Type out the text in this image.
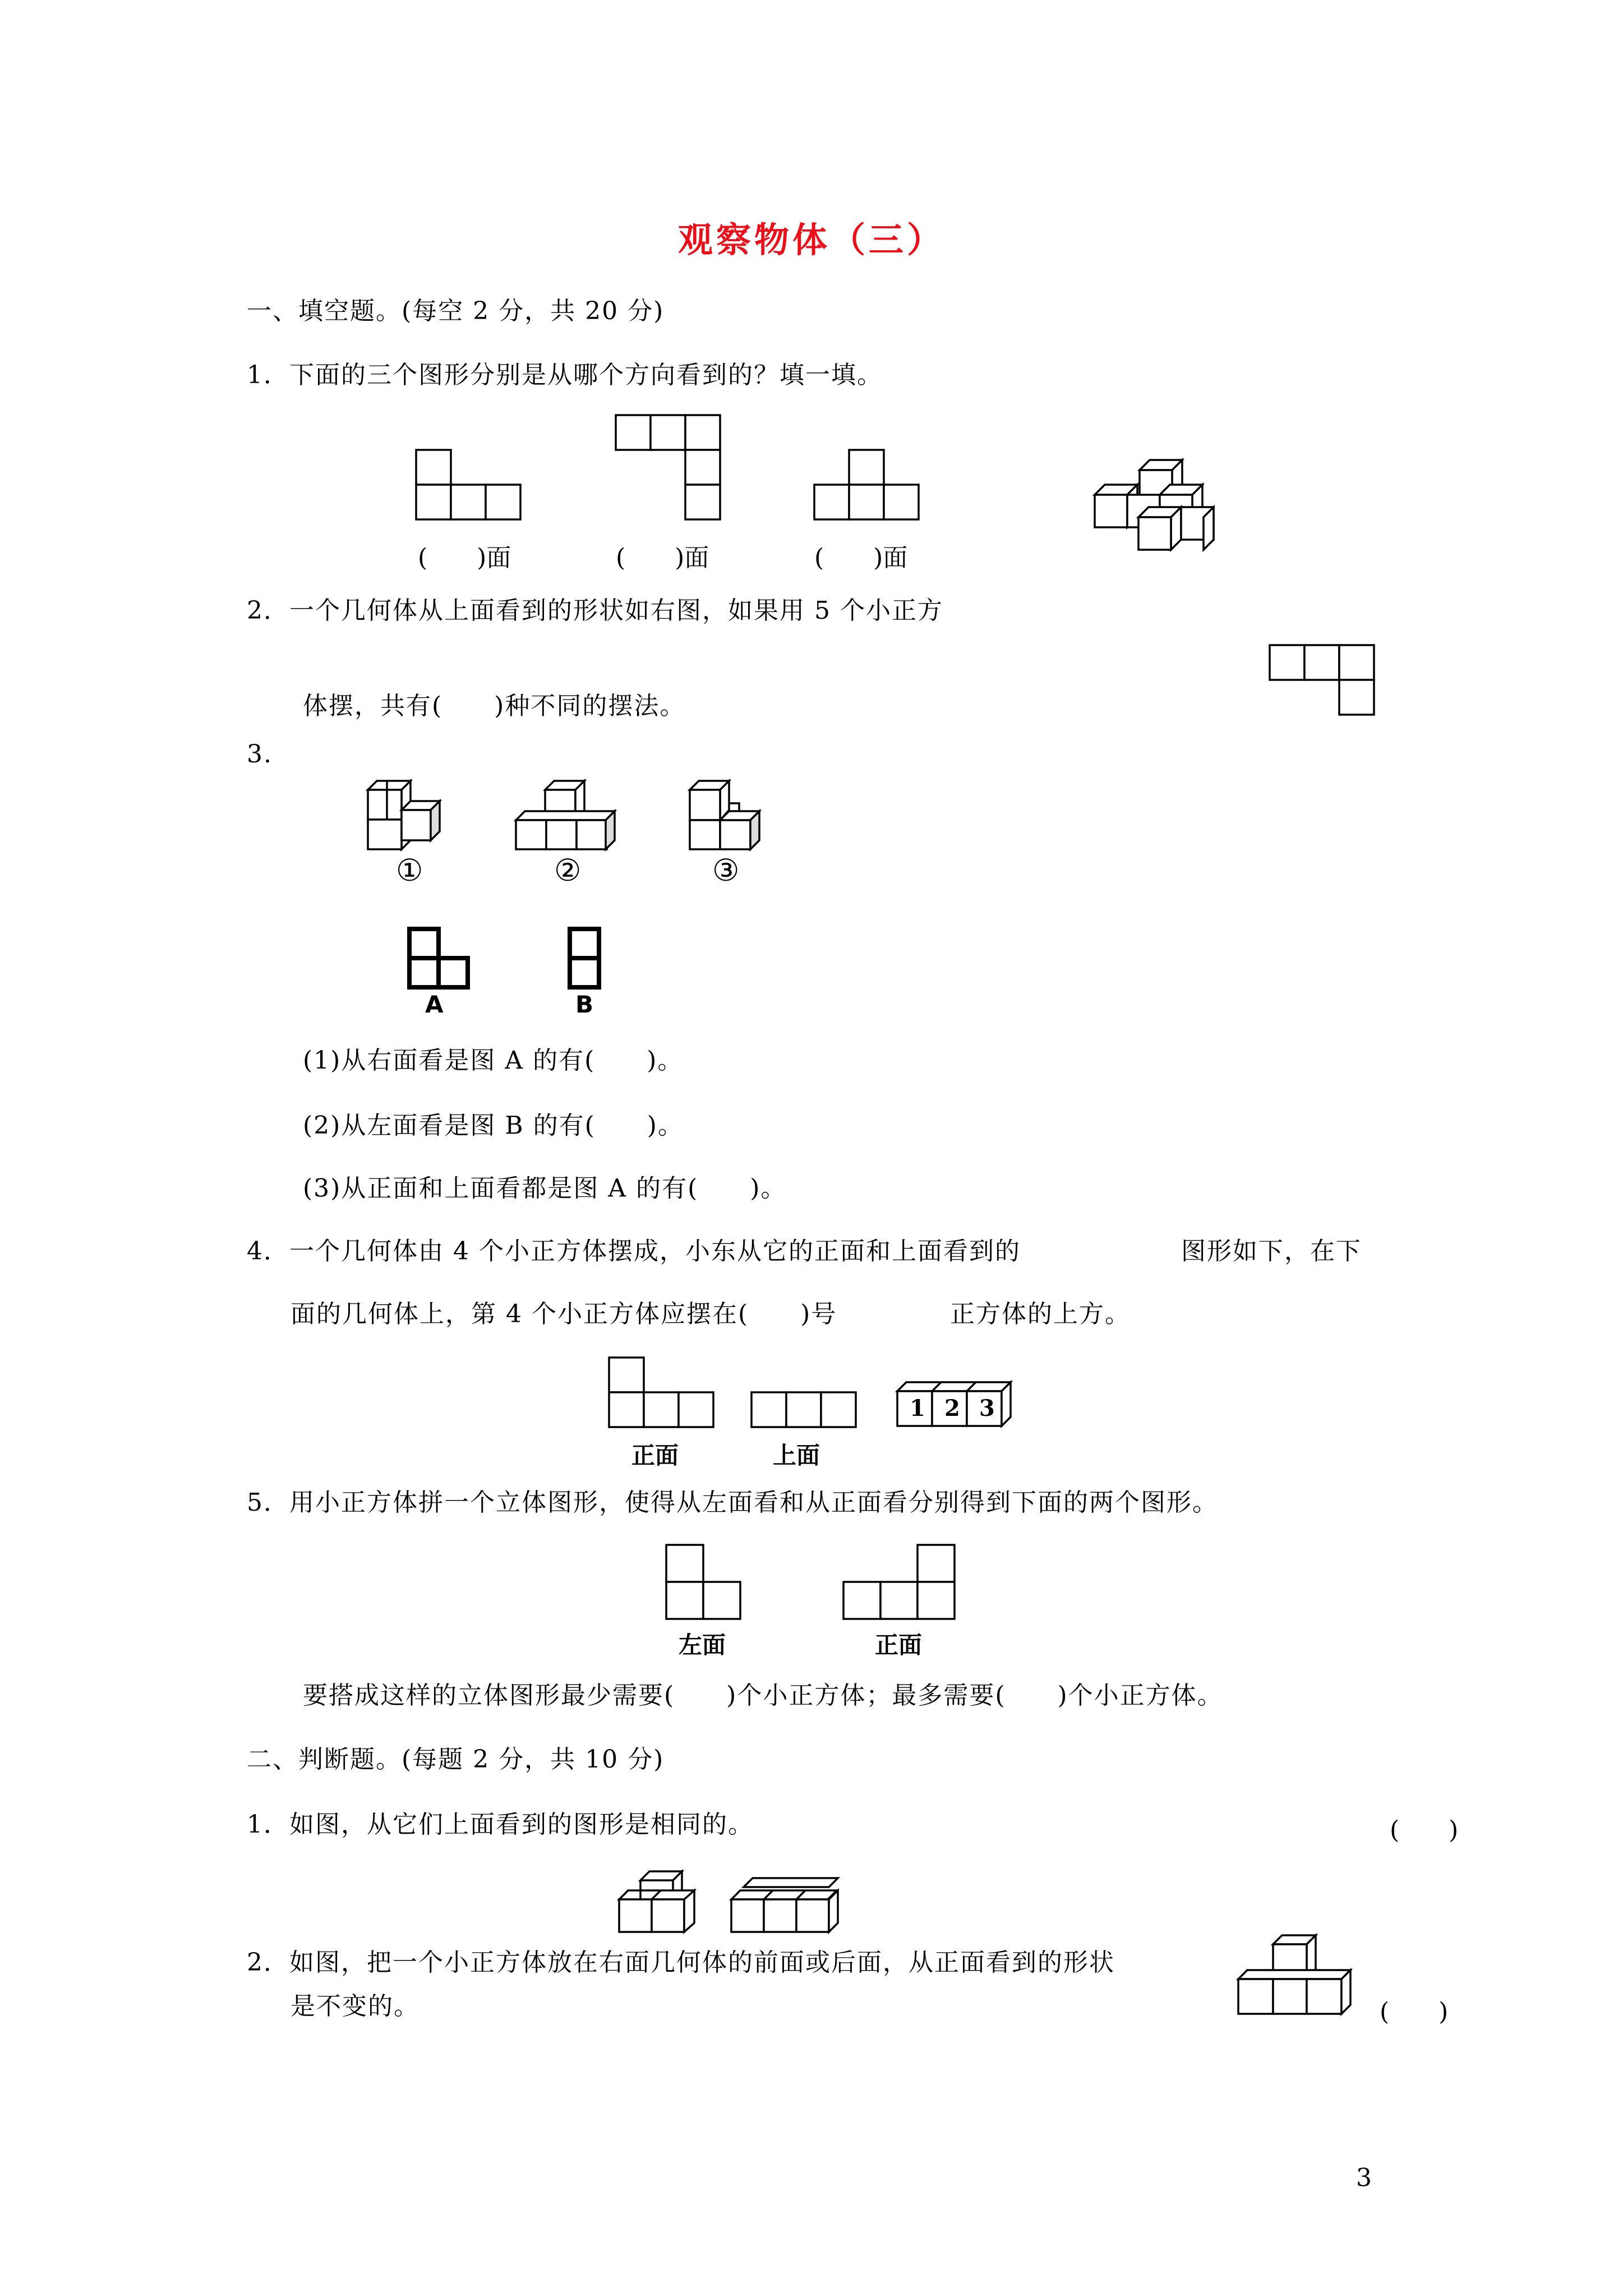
观察物体（三）
一、填空题。(每空 2 分，共 20 分)
1．下面的三个图形分别是从哪个方向看到的？填一填。
(　　)面	(　　)面	(　　)面
2．一个几何体从上面看到的形状如右图，如果用 5 个小正方
体摆，共有(　　)种不同的摆法。
3.
①	②	③
A	B
(1)从右面看是图 A 的有(　　)。
(2)从左面看是图 B 的有(　　)。
(3)从正面和上面看都是图 A 的有(　　)。
4．一个几何体由 4 个小正方体摆成，小东从它的正面和上面看到的	图形如下，在下
面的几何体上，第 4 个小正方体应摆在(　　)号	正方体的上方。
1 2 3
正面	上面
5．用小正方体拼一个立体图形，使得从左面看和从正面看分别得到下面的两个图形。
左面	正面
要搭成这样的立体图形最少需要(　　)个小正方体；最多需要(　　)个小正方体。
二、判断题。(每题 2 分，共 10 分)
1．如图，从它们上面看到的图形是相同的。	(　　)
2．如图，把一个小正方体放在右面几何体的前面或后面，从正面看到的形状
是不变的。	(　　)
3
